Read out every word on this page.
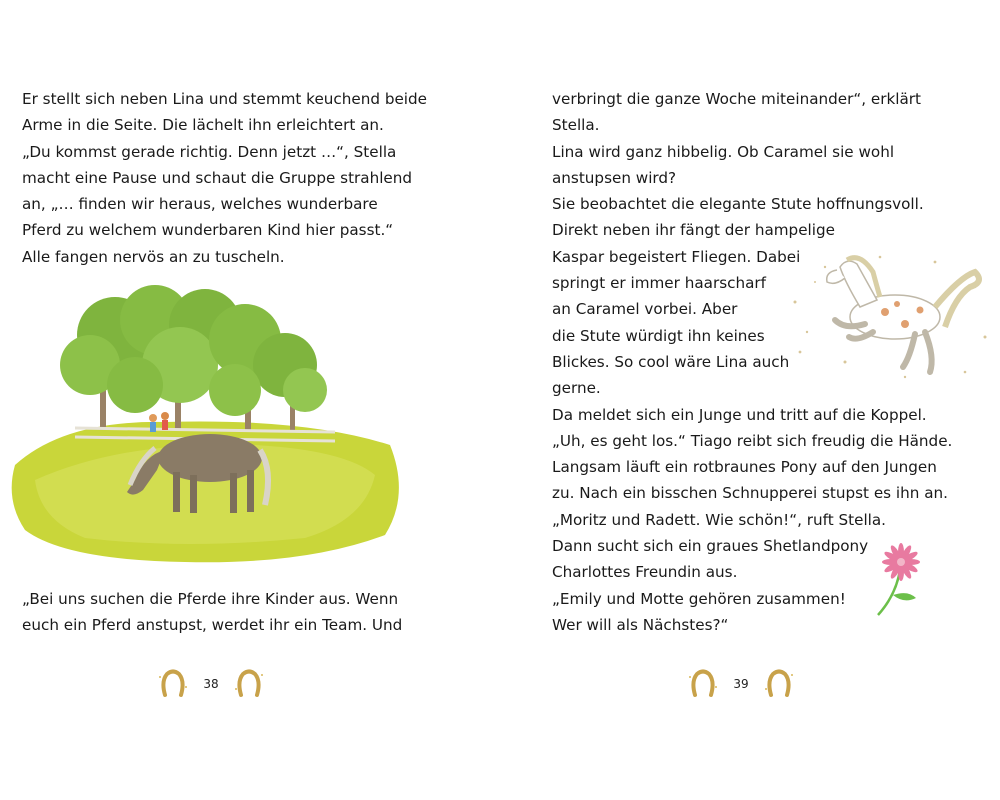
Er stellt sich neben Lina und stemmt keuchend beide
Arme in die Seite. Die lächelt ihn erleichtert an.
„Du kommst gerade richtig. Denn jetzt …“, Stella
macht eine Pause und schaut die Gruppe strahlend
an, „… finden wir heraus, welches wunderbare
Pferd zu welchem wunderbaren Kind hier passt.“
Alle fangen nervös an zu tuscheln.
„Bei uns suchen die Pferde ihre Kinder aus. Wenn
euch ein Pferd anstupst, werdet ihr ein Team. Und
38
verbringt die ganze Woche miteinander“, erklärt
Stella.
Lina wird ganz hibbelig. Ob Caramel sie wohl
anstupsen wird?
Sie beobachtet die elegante Stute hoffnungsvoll.
Direkt neben ihr fängt der hampelige
Kaspar begeistert Fliegen. Dabei
springt er immer haarscharf
an Caramel vorbei. Aber
die Stute würdigt ihn keines
Blickes. So cool wäre Lina auch
gerne.
Da meldet sich ein Junge und tritt auf die Koppel.
„Uh, es geht los.“ Tiago reibt sich freudig die Hände.
Langsam läuft ein rotbraunes Pony auf den Jungen
zu. Nach ein bisschen Schnupperei stupst es ihn an.
„Moritz und Radett. Wie schön!“, ruft Stella.
Dann sucht sich ein graues Shetlandpony
Charlottes Freundin aus.
„Emily und Motte gehören zusammen!
Wer will als Nächstes?“
39
